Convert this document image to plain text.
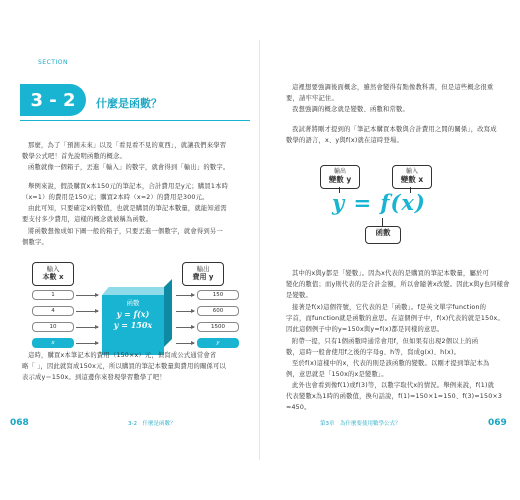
SECTION
3 - 2	什麼是函數？
那麼，為了「預測未來」以及「看見看不見的東西」，就讓我們來學習
數學公式吧！首先說明函數的概念。
函數就像一個箱子，丟進「輸入」的數字，就會得到「輸出」的數字。
舉例來說，假設購買x本150元的筆記本，合計費用是y元；購買1本時
（x=1）的費用是150元；購買2本時（x=2）的費用是300元。
由此可知，只要確定x的數值，也就是購買的筆記本數量，就能知道需
要支付多少費用，這樣的概念就被稱為函數。
將函數想像成如下圖一般的箱子，只要丟進一個數字，就會得到另一
個數字。
輸入
本數 x
輸出
費用 y
1
4
10
x
函數
y = f(x)
y = 150x
150
600
1500
y
這時，購買x本筆記本的費用（150×x）元，但寫成公式通常會省
略「 」，因此就寫成150x元，所以購買的筆記本數量與費用的關係可以
表示成y＝150x。到這邊你來發現學習數學了吧！
068	3-2　什麼是函數？
這裡想要強調後面概念，雖然會變得有點像教科書，但是這些概念很重
要，請牢牢記住。
我想強調的概念就是變數、函數和常數。
我試著將剛才提到的「筆記本購買本數與合計費用之間的關係」，改寫成
數學的語言，x、y與f(x)就在這時登場。
輸出
變數 y
輸入
變數 x
y = f(x)
函數
其中的x與y都是「變數」。因為x代表的是購買的筆記本數量，屬於可
變化的數值；而y則代表的是合計金額，所以會隨著x改變。因此x與y也同樣會
是變數。
接著是f(x)這個符號，它代表的是「函數」。f是英文單字function的
字首，而function就是函數的意思。在這個例子中，f(x)代表的就是150x。
因此這個例子中的y=150x與y=f(x)都是同樣的意思。
附帶一提，只有1個函數時通常會用f，但如果有出現2個以上的函
數，這時一般會使用f之後的字母g、h等，寫成g(x)、h(x)。
至於f(x)這樣中的x，代表的則是該函數的變數。以剛才提到筆記本為
例，意思就是「150x的x是變數」。
此外也會看到像f(1)或f(3)等，以數字取代x的情況。舉例來說，f(1)就
代表變數x為1時的函數值，換句話說，f(1)=150×1=150、f(3)=150×3
=450。
第3章　為什麼要使用數學公式？	069
